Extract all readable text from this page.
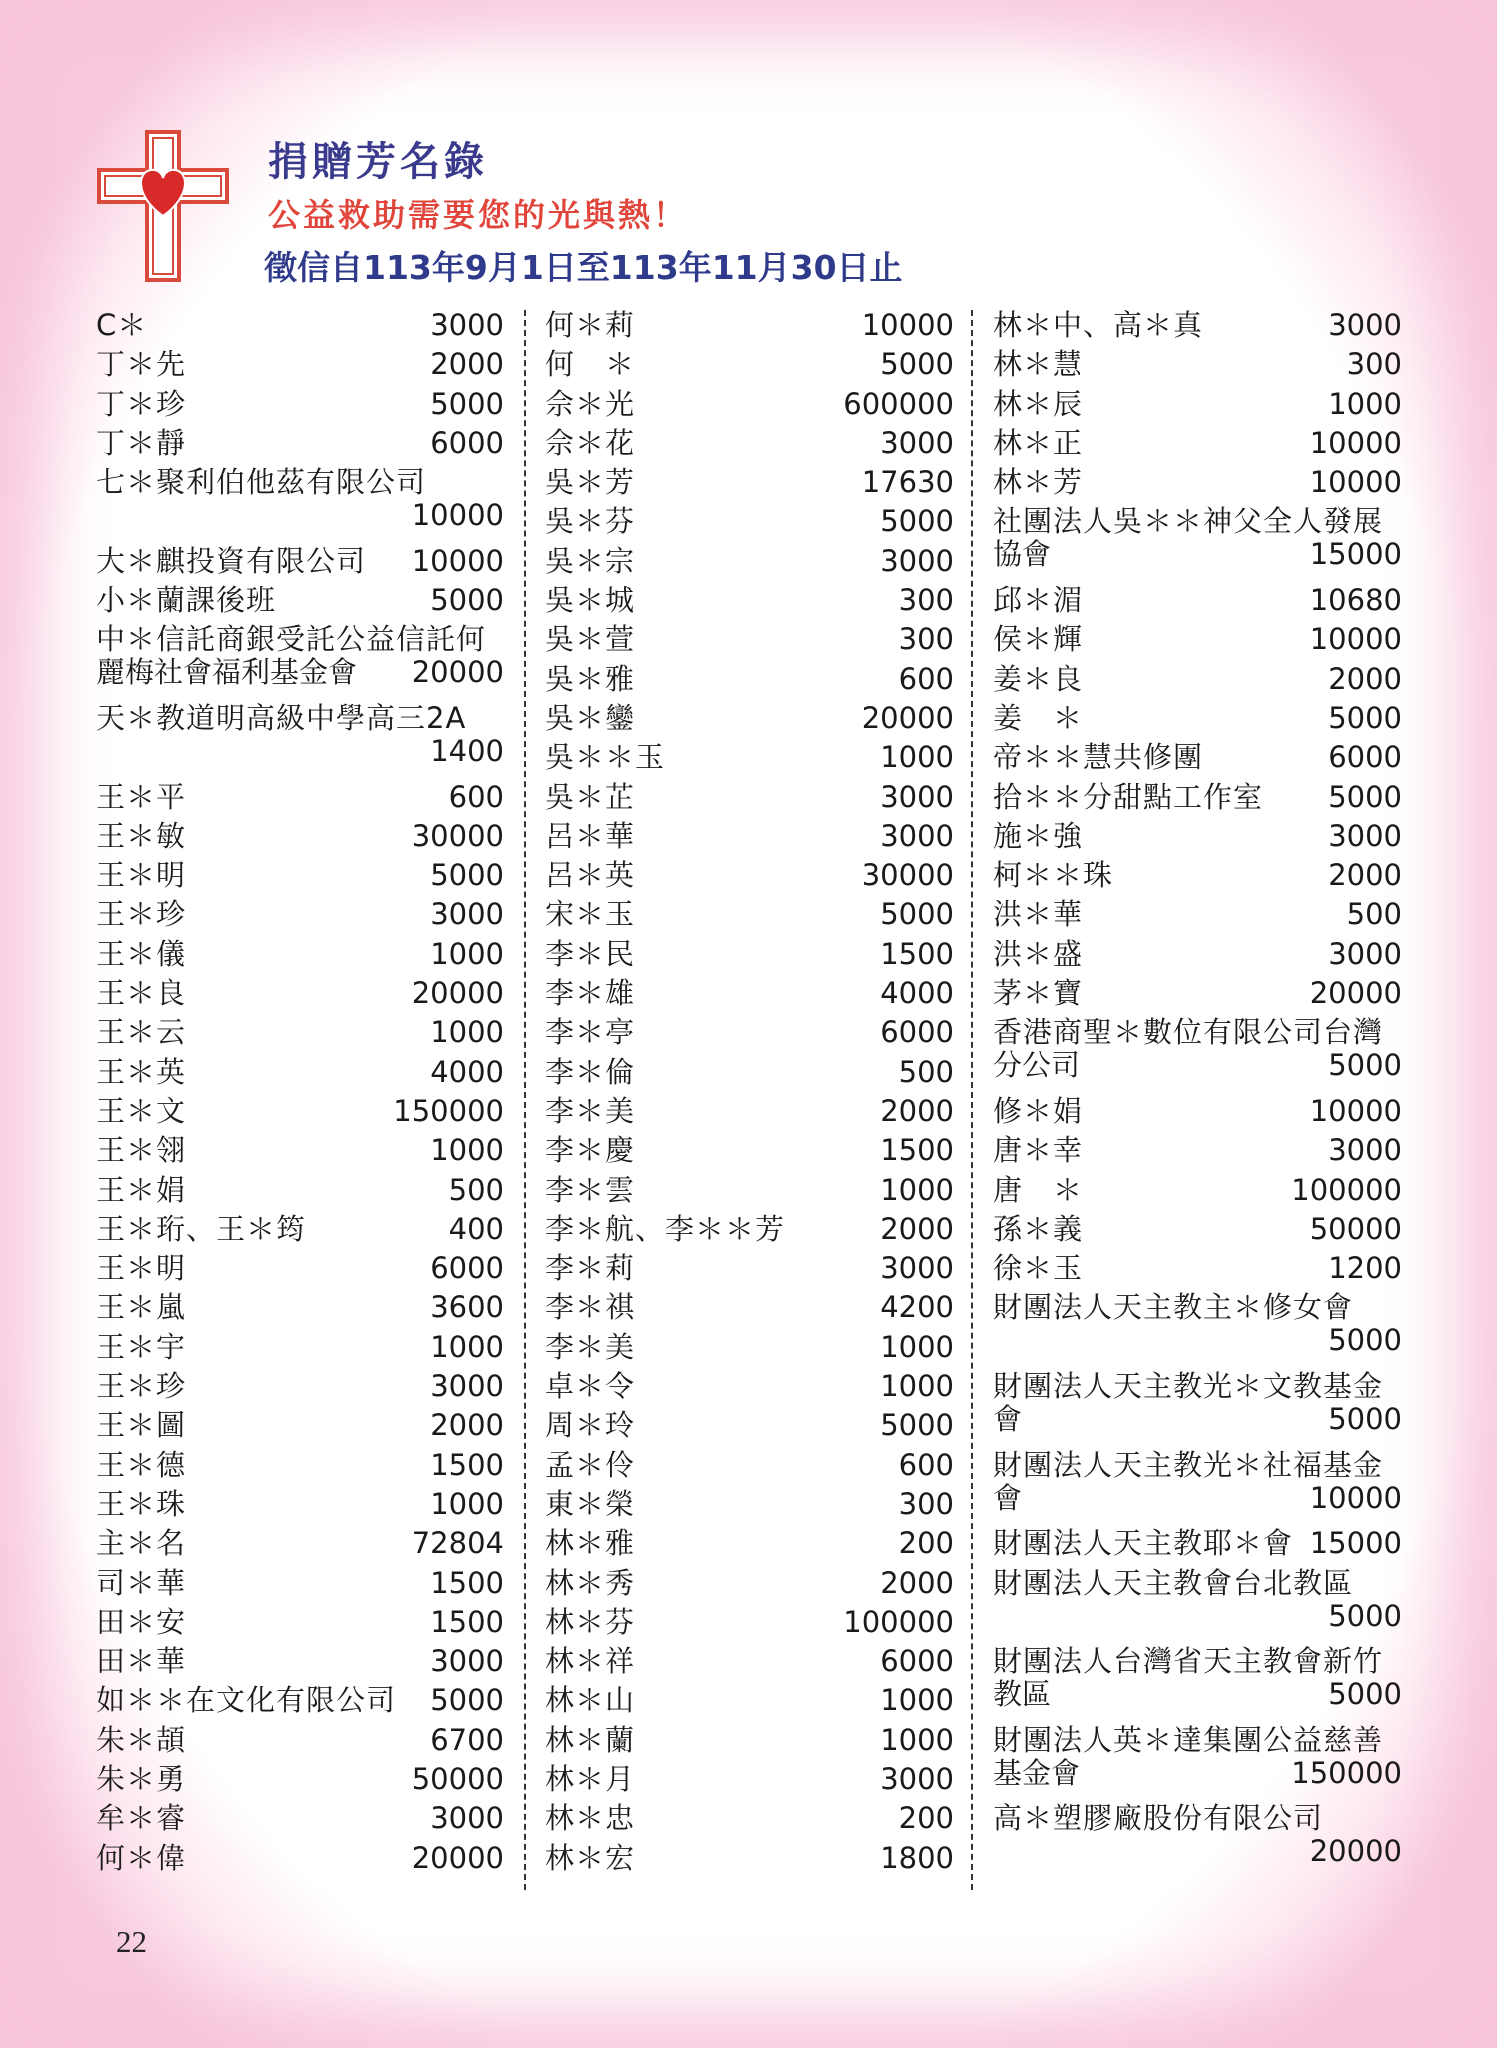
捐贈芳名錄
公益救助需要您的光與熱！
徵信自113年9月1日至113年11月30日止
C＊	3000
丁＊先	2000
丁＊珍	5000
丁＊靜	6000
七＊聚利伯他茲有限公司
10000
大＊麒投資有限公司 10000
小＊蘭課後班	5000
中＊信託商銀受託公益信託何
麗梅社會福利基金會 20000
天＊教道明高級中學高三2A
1400
王＊平	600
王＊敏	30000
王＊明	5000
王＊珍	3000
王＊儀	1000
王＊良	20000
王＊云	1000
王＊英	4000
王＊文	150000
王＊翎	1000
王＊娟	500
王＊珩、王＊筠	400
王＊明	6000
王＊嵐	3600
王＊宇	1000
王＊珍	3000
王＊圖	2000
王＊德	1500
王＊珠	1000
主＊名	72804
司＊華	1500
田＊安	1500
田＊華	3000
如＊＊在文化有限公司 5000
朱＊頡	6700
朱＊勇	50000
牟＊睿	3000
何＊偉	20000
何＊莉	10000
何　＊	5000
佘＊光	600000
佘＊花	3000
吳＊芳	17630
吳＊芬	5000
吳＊宗	3000
吳＊城	300
吳＊萱	300
吳＊雅	600
吳＊鑾	20000
吳＊＊玉	1000
吳＊芷	3000
呂＊華	3000
呂＊英	30000
宋＊玉	5000
李＊民	1500
李＊雄	4000
李＊亭	6000
李＊倫	500
李＊美	2000
李＊慶	1500
李＊雲	1000
李＊航、李＊＊芳	2000
李＊莉	3000
李＊祺	4200
李＊美	1000
卓＊令	1000
周＊玲	5000
孟＊伶	600
東＊榮	300
林＊雅	200
林＊秀	2000
林＊芬	100000
林＊祥	6000
林＊山	1000
林＊蘭	1000
林＊月	3000
林＊忠	200
林＊宏	1800
林＊中、高＊真	3000
林＊慧	300
林＊辰	1000
林＊正	10000
林＊芳	10000
社團法人吳＊＊神父全人發展
協會	15000
邱＊湄	10680
侯＊輝	10000
姜＊良	2000
姜　＊	5000
帝＊＊慧共修團	6000
拾＊＊分甜點工作室 5000
施＊強	3000
柯＊＊珠	2000
洪＊華	500
洪＊盛	3000
茅＊寶	20000
香港商聖＊數位有限公司台灣
分公司	5000
修＊娟	10000
唐＊幸	3000
唐　＊	100000
孫＊義	50000
徐＊玉	1200
財團法人天主教主＊修女會
5000
財團法人天主教光＊文教基金
會	5000
財團法人天主教光＊社福基金
會	10000
財團法人天主教耶＊會 15000
財團法人天主教會台北教區
5000
財團法人台灣省天主教會新竹
教區	5000
財團法人英＊達集團公益慈善
基金會	150000
高＊塑膠廠股份有限公司
20000
22
